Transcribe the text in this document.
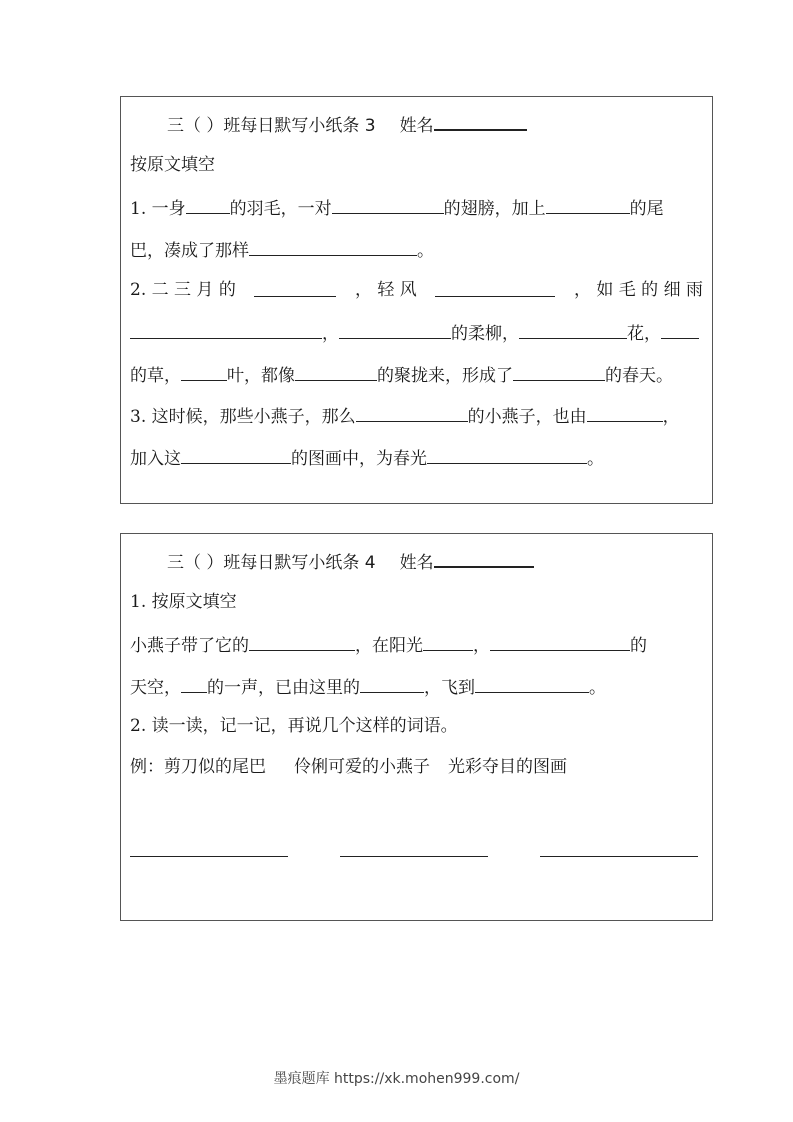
三（ ）班每日默写小纸条 3 姓名
按原文填空
1. 一身	的羽毛，一对	的翅膀，加上	的尾
巴，凑成了那样	。
2. 二 三 月 的	， 轻 风	， 如 毛 的 细 雨
，	的柔柳，	花，
的草，	叶，都像	的聚拢来，形成了	的春天。
3. 这时候，那些小燕子，那么	的小燕子，也由	，
加入这	的图画中，为春光	。
三（ ）班每日默写小纸条 4 姓名
1. 按原文填空
小燕子带了它的	，在阳光	，	的
天空， 的一声，已由这里的	，飞到	。
2. 读一读，记一记，再说几个这样的词语。
例：剪刀似的尾巴 伶俐可爱的小燕子 光彩夺目的图画
墨痕题库 https://xk.mohen999.com/
